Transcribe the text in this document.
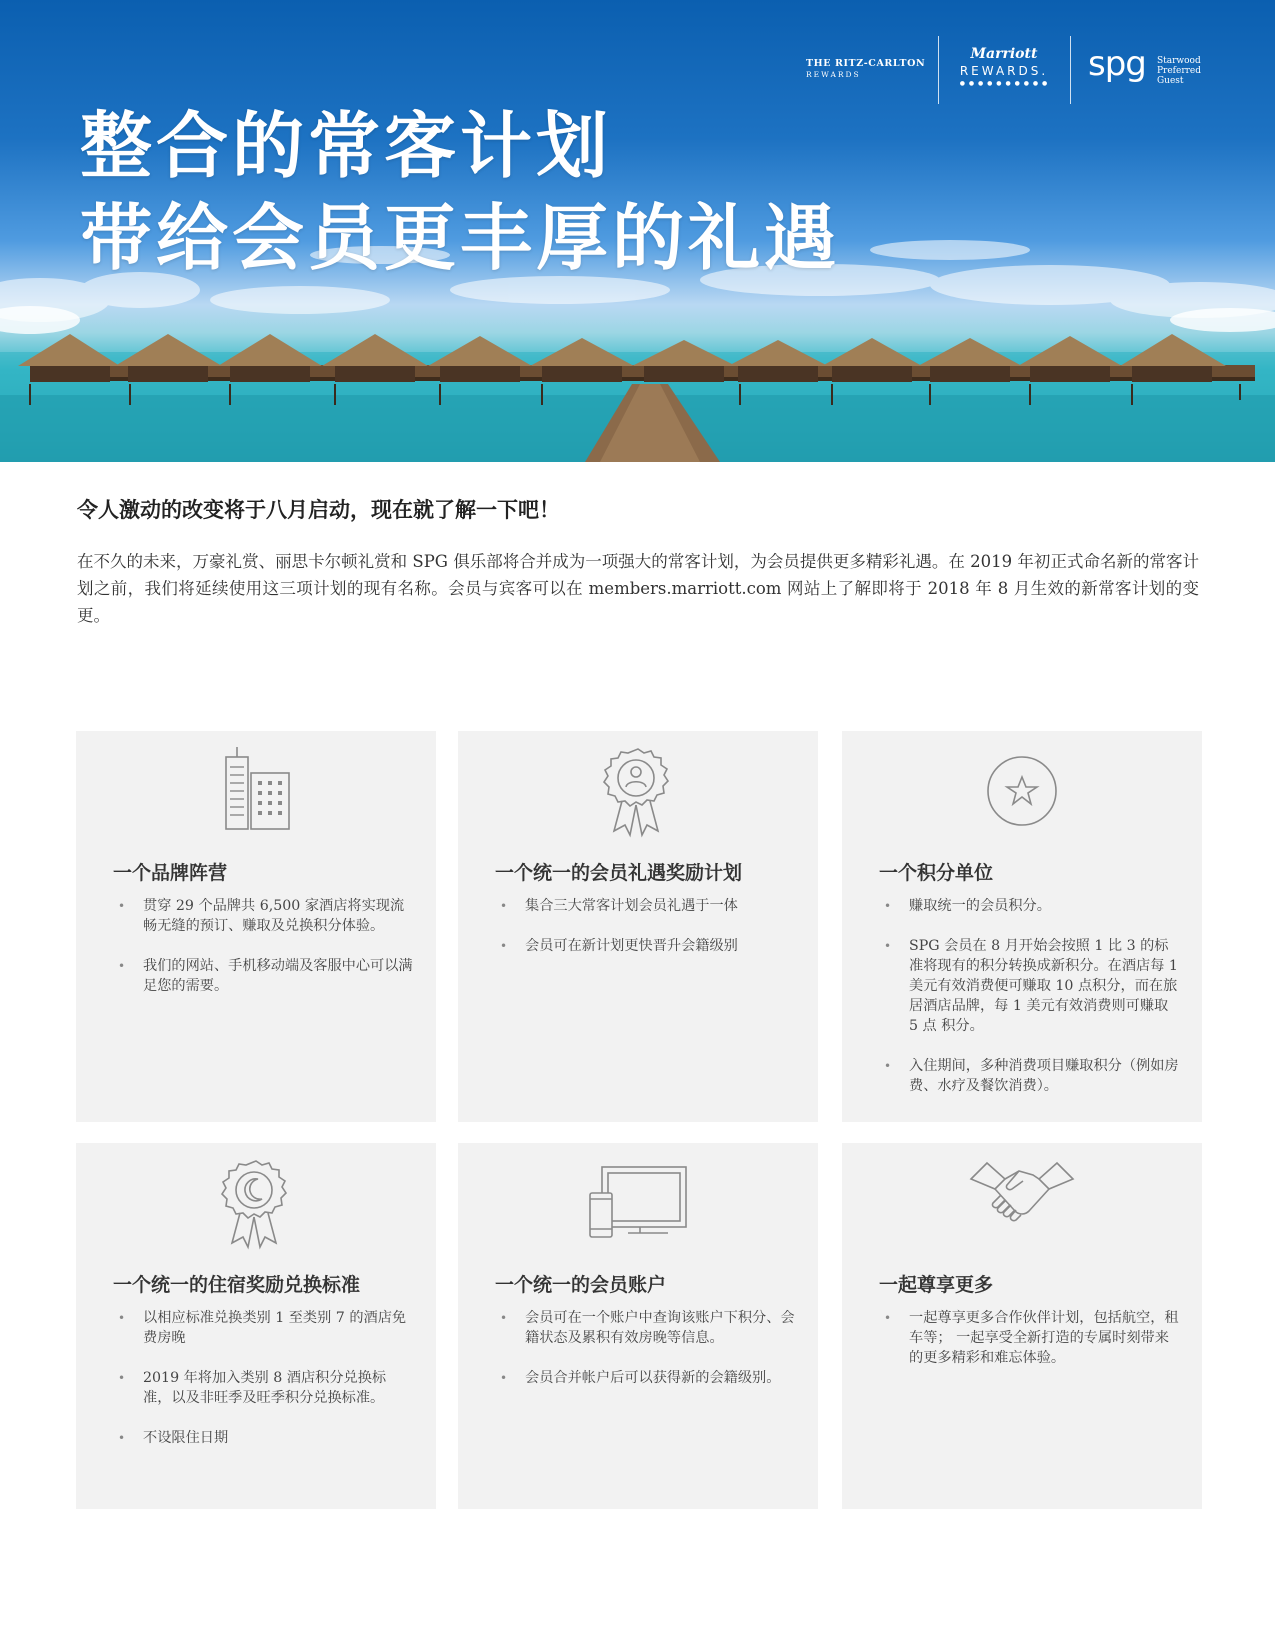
整合的常客计划
带给会员更丰厚的礼遇
THE RITZ-CARLTON
REWARDS
Marriott
REWARDS.
● ● ● ● ● ● ● ● ● ● spg Starwood
Preferred
Guest
令人激动的改变将于八月启动，现在就了解一下吧！
在不久的未来，万豪礼赏、丽思卡尔顿礼赏和 SPG 俱乐部将合并成为一项强大的常客计划，为会员提供更多精彩礼遇。在 2019 年初正式命名新的常客计划之前，我们将延续使用这三项计划的现有名称。会员与宾客可以在 members.marriott.com 网站上了解即将于 2018 年 8 月生效的新常客计划的变更。
一个品牌阵营
• 贯穿 29 个品牌共 6,500 家酒店将实现流畅无缝的预订、赚取及兑换积分体验。
• 我们的网站、手机移动端及客服中心可以满足您的需要。
一个统一的会员礼遇奖励计划
• 集合三大常客计划会员礼遇于一体
• 会员可在新计划更快晋升会籍级别
一个积分单位
• 赚取统一的会员积分。
• SPG 会员在 8 月开始会按照 1 比 3 的标准将现有的积分转换成新积分。在酒店每 1 美元有效消费便可赚取 10 点积分，而在旅居酒店品牌，每 1 美元有效消费则可赚取 5 点 积分。
• 入住期间，多种消费项目赚取积分（例如房费、水疗及餐饮消费）。
一个统一的住宿奖励兑换标准
• 以相应标准兑换类别 1 至类别 7 的酒店免费房晚
• 2019 年将加入类别 8 酒店积分兑换标准，以及非旺季及旺季积分兑换标准。
• 不设限住日期
一个统一的会员账户
• 会员可在一个账户中查询该账户下积分、会籍状态及累积有效房晚等信息。
• 会员合并帐户后可以获得新的会籍级别。
一起尊享更多
• 一起尊享更多合作伙伴计划，包括航空，租车等； 一起享受全新打造的专属时刻带来的更多精彩和难忘体验。
